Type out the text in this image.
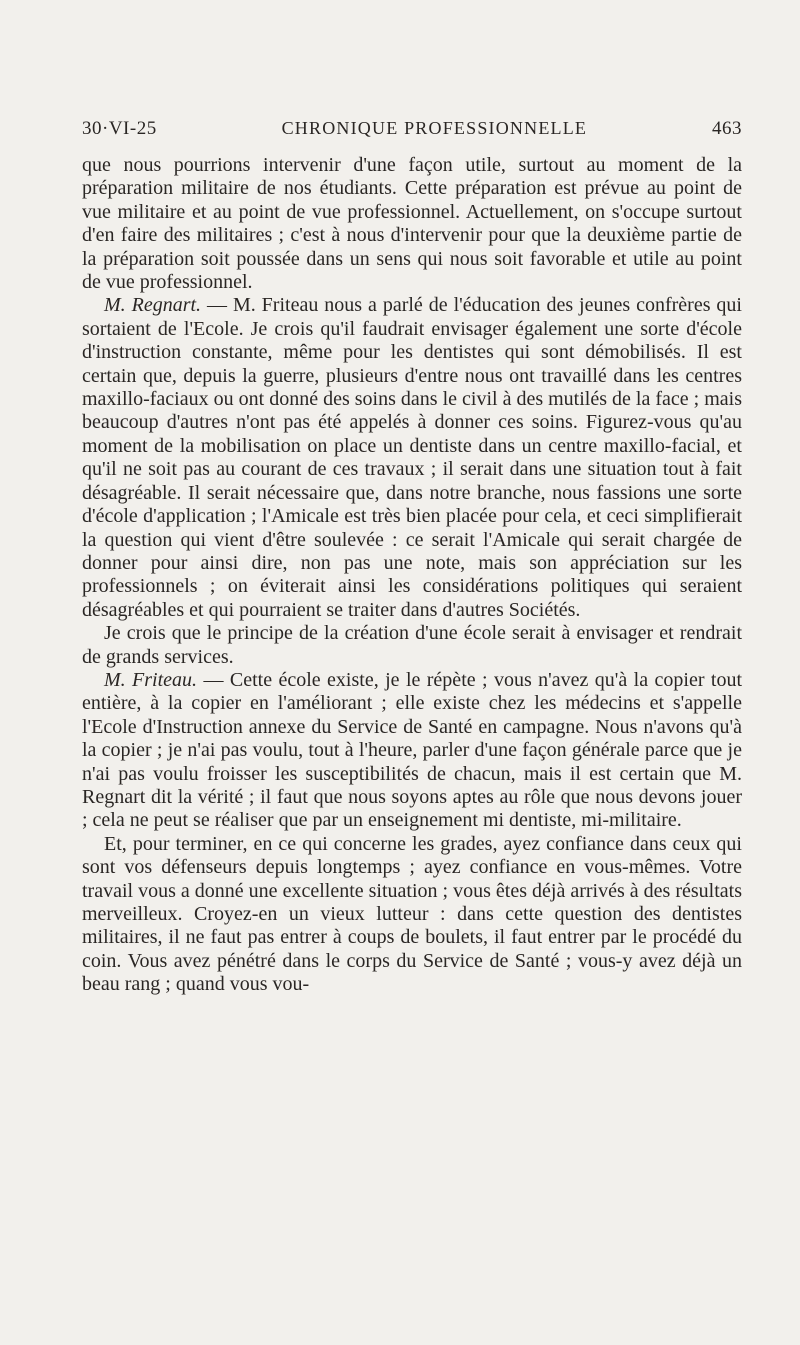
30·VI-25	CHRONIQUE PROFESSIONNELLE	463

que nous pourrions intervenir d'une façon utile, surtout au moment de la préparation militaire de nos étudiants. Cette préparation est prévue au point de vue militaire et au point de vue professionnel. Actuellement, on s'occupe surtout d'en faire des militaires ; c'est à nous d'intervenir pour que la deuxième partie de la préparation soit poussée dans un sens qui nous soit favorable et utile au point de vue professionnel.

M. Regnart. — M. Friteau nous a parlé de l'éducation des jeunes confrères qui sortaient de l'Ecole. Je crois qu'il faudrait envisager également une sorte d'école d'instruction constante, même pour les dentistes qui sont démobilisés. Il est certain que, depuis la guerre, plusieurs d'entre nous ont travaillé dans les centres maxillo-faciaux ou ont donné des soins dans le civil à des mutilés de la face ; mais beaucoup d'autres n'ont pas été appelés à donner ces soins. Figurez-vous qu'au moment de la mobilisation on place un dentiste dans un centre maxillo-facial, et qu'il ne soit pas au courant de ces travaux ; il serait dans une situation tout à fait désagréable. Il serait nécessaire que, dans notre branche, nous fassions une sorte d'école d'application ; l'Amicale est très bien placée pour cela, et ceci simplifierait la question qui vient d'être soulevée : ce serait l'Amicale qui serait chargée de donner pour ainsi dire, non pas une note, mais son appréciation sur les professionnels ; on éviterait ainsi les considérations politiques qui seraient désagréables et qui pourraient se traiter dans d'autres Sociétés.

Je crois que le principe de la création d'une école serait à envisager et rendrait de grands services.

M. Friteau. — Cette école existe, je le répète ; vous n'avez qu'à la copier tout entière, à la copier en l'améliorant ; elle existe chez les médecins et s'appelle l'Ecole d'Instruction annexe du Service de Santé en campagne. Nous n'avons qu'à la copier ; je n'ai pas voulu, tout à l'heure, parler d'une façon générale parce que je n'ai pas voulu froisser les susceptibilités de chacun, mais il est certain que M. Regnart dit la vérité ; il faut que nous soyons aptes au rôle que nous devons jouer ; cela ne peut se réaliser que par un enseignement mi dentiste, mi-militaire.

Et, pour terminer, en ce qui concerne les grades, ayez confiance dans ceux qui sont vos défenseurs depuis longtemps ; ayez confiance en vous-mêmes. Votre travail vous a donné une excellente situation ; vous êtes déjà arrivés à des résultats merveilleux. Croyez-en un vieux lutteur : dans cette question des dentistes militaires, il ne faut pas entrer à coups de boulets, il faut entrer par le procédé du coin. Vous avez pénétré dans le corps du Service de Santé ; vous-y avez déjà un beau rang ; quand vous vou-
